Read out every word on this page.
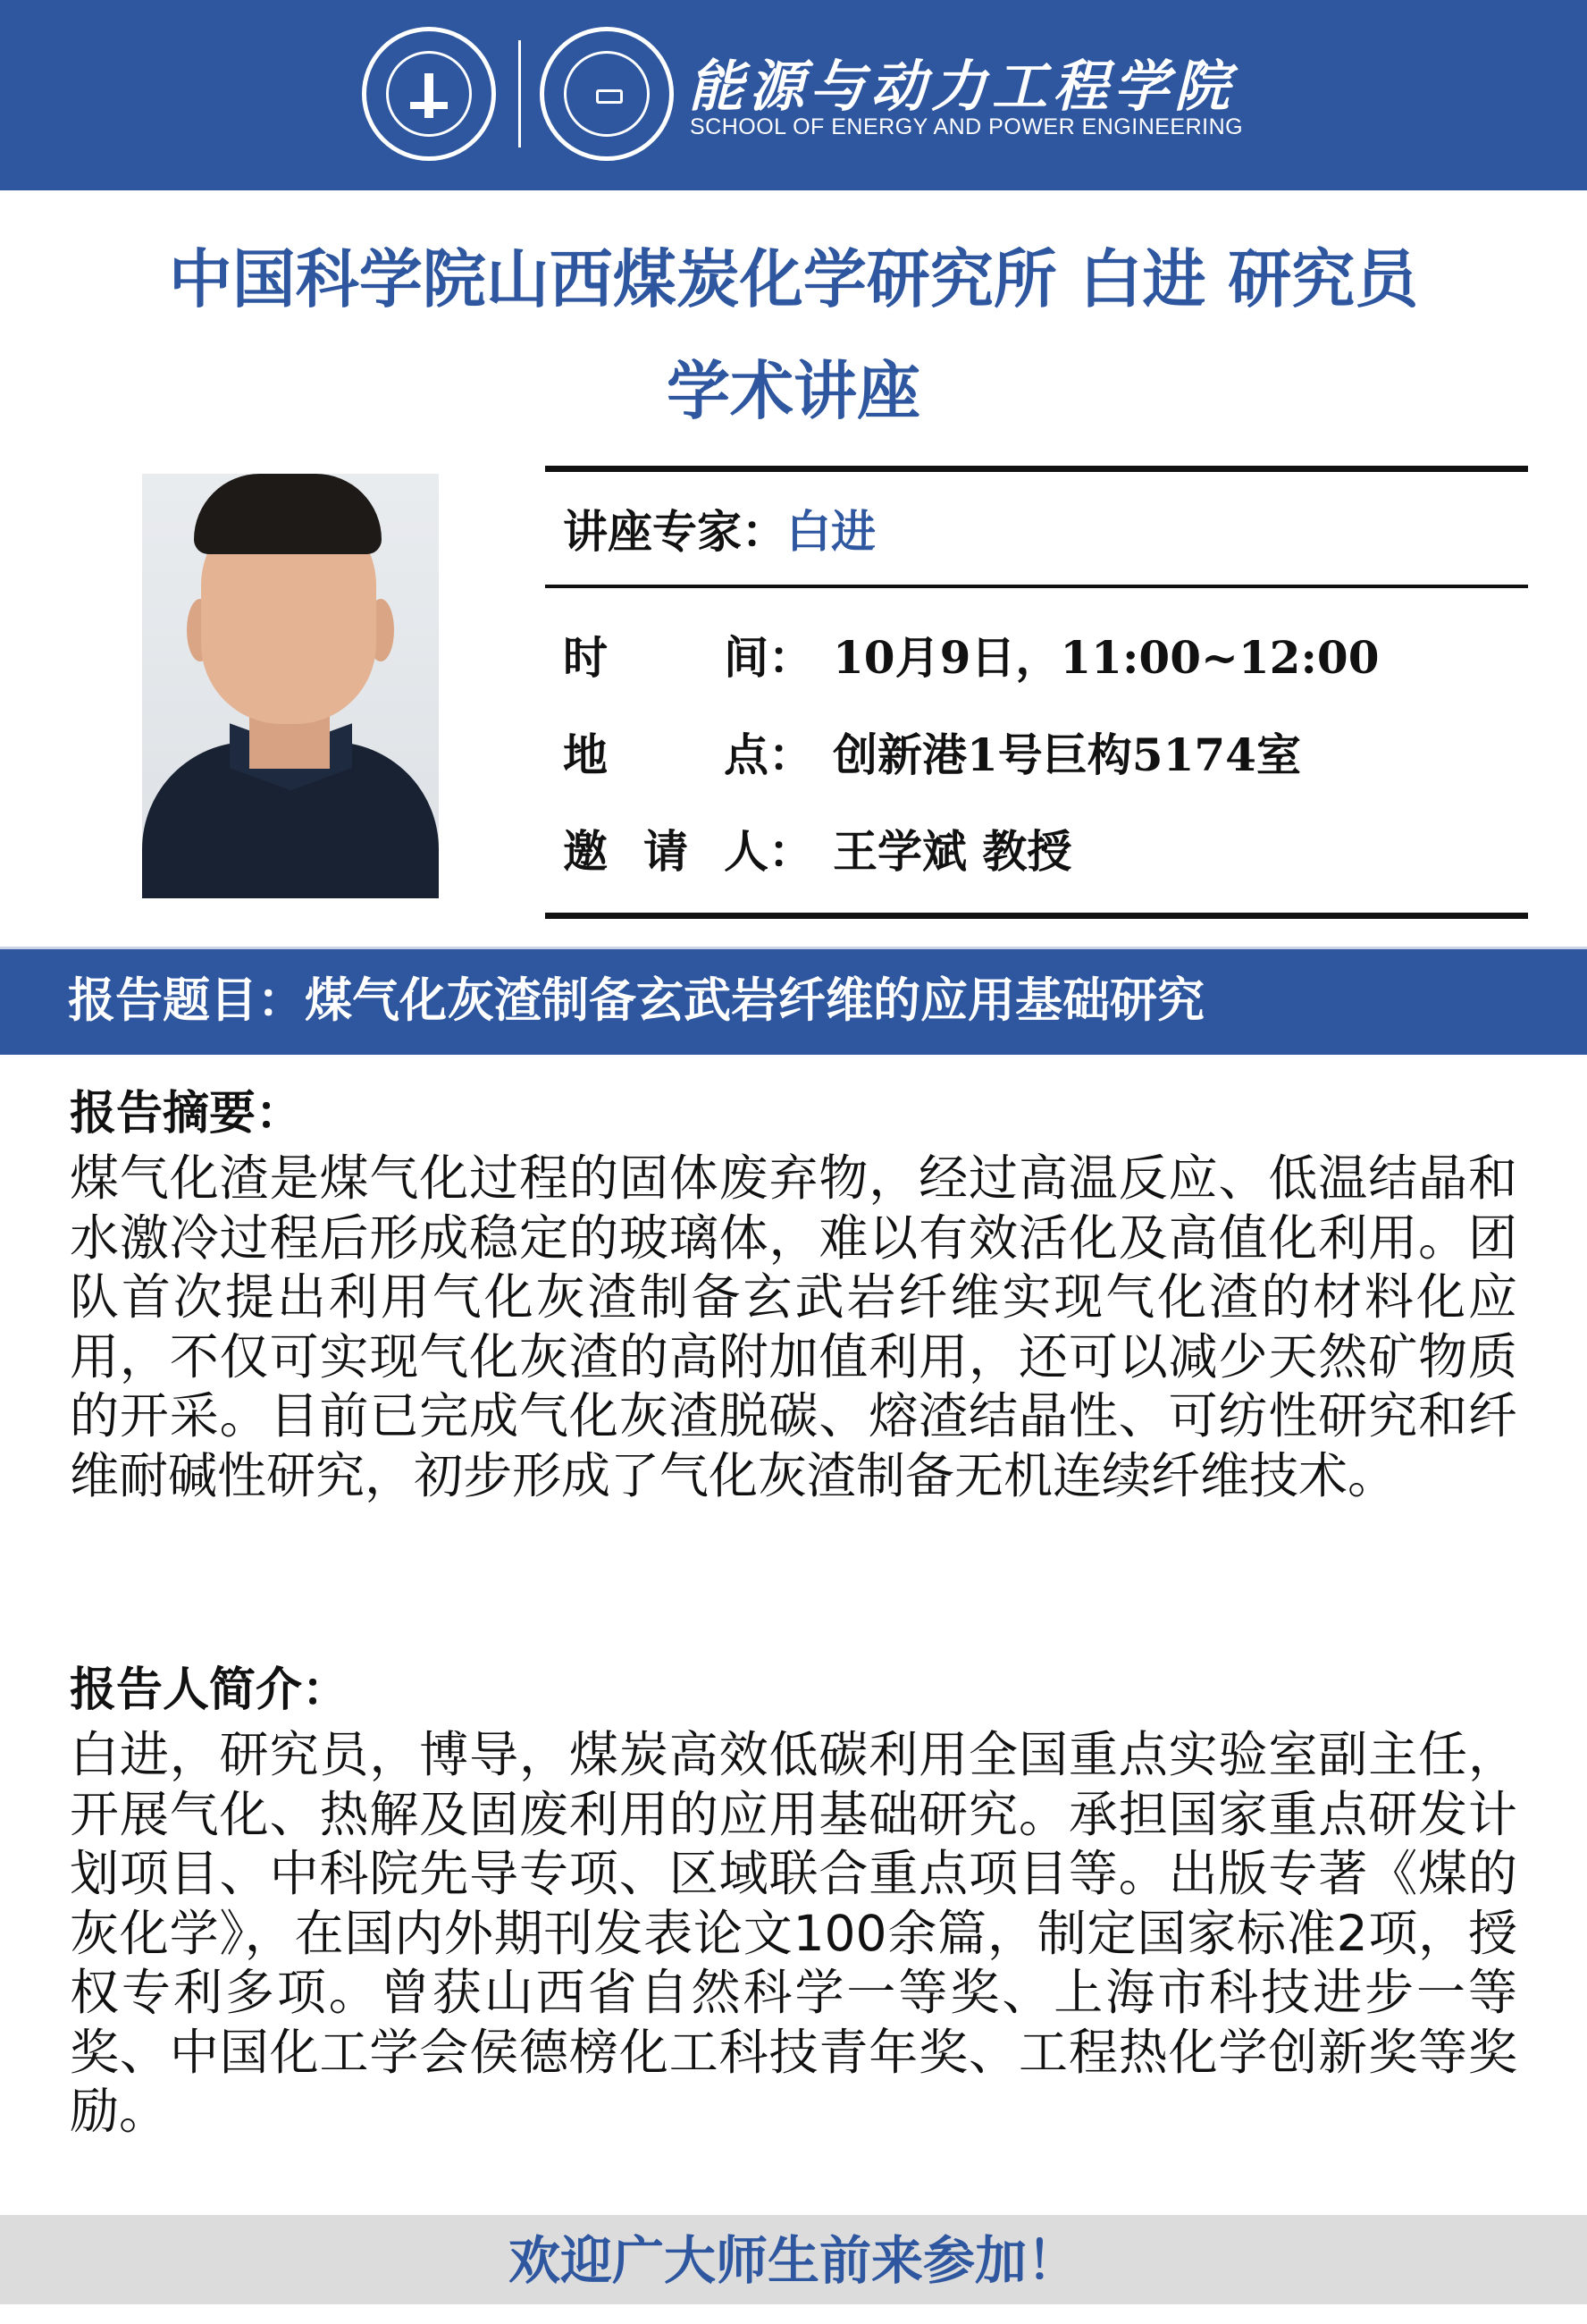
能源与动力工程学院
SCHOOL OF ENERGY AND POWER ENGINEERING
中国科学院山西煤炭化学研究所 白进 研究员
学术讲座
讲座专家：白进
时	间： 10月9日，11:00~12:00
地	点： 创新港1号巨构5174室
邀 请 人： 王学斌 教授
报告题目：煤气化灰渣制备玄武岩纤维的应用基础研究
报告摘要：
煤气化渣是煤气化过程的固体废弃物，经过高温反应、低温结晶和水激冷过程后形成稳定的玻璃体，难以有效活化及高值化利用。团队首次提出利用气化灰渣制备玄武岩纤维实现气化渣的材料化应用，不仅可实现气化灰渣的高附加值利用，还可以减少天然矿物质的开采。目前已完成气化灰渣脱碳、熔渣结晶性、可纺性研究和纤维耐碱性研究，初步形成了气化灰渣制备无机连续纤维技术。
报告人简介：
白进，研究员，博导，煤炭高效低碳利用全国重点实验室副主任，开展气化、热解及固废利用的应用基础研究。承担国家重点研发计划项目、中科院先导专项、区域联合重点项目等。出版专著《煤的灰化学》，在国内外期刊发表论文100余篇，制定国家标准2项，授权专利多项。曾获山西省自然科学一等奖、上海市科技进步一等奖、中国化工学会侯德榜化工科技青年奖、工程热化学创新奖等奖励。
欢迎广大师生前来参加！
